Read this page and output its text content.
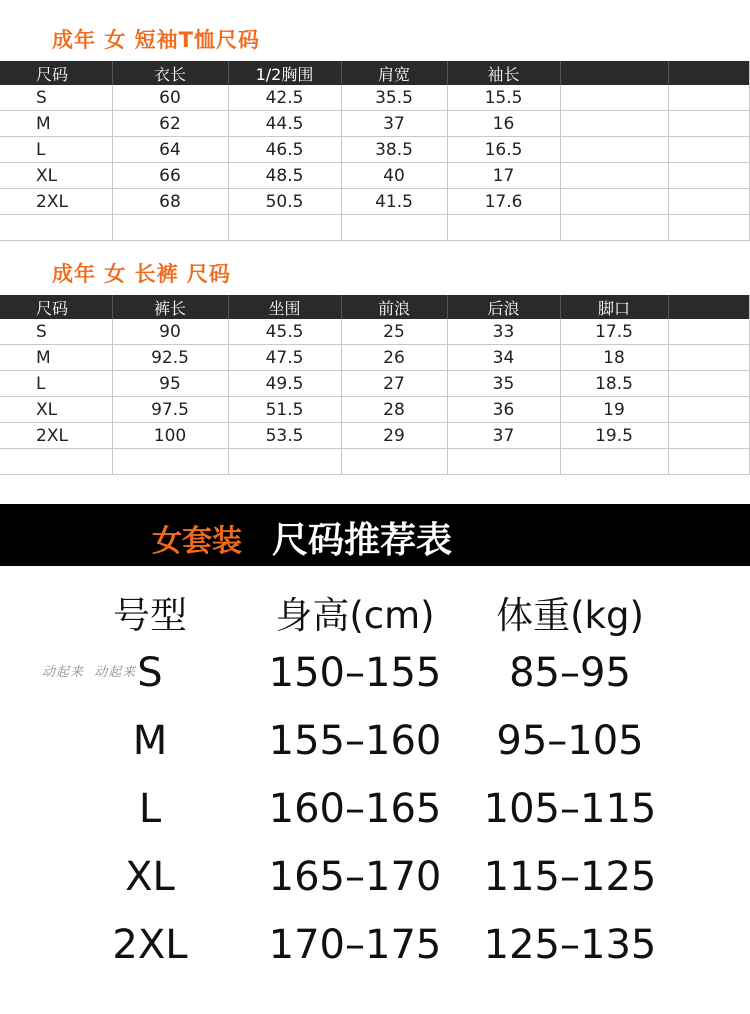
成年 女 短袖T恤尺码
尺码	衣长	1/2胸围	肩宽	袖长		
S	60	42.5	35.5	15.5		
M	62	44.5	37	16		
L	64	46.5	38.5	16.5		
XL	66	48.5	40	17		
2XL	68	50.5	41.5	17.6		

成年 女 长裤 尺码
尺码	裤长	坐围	前浪	后浪	脚口	
S	90	45.5	25	33	17.5	
M	92.5	47.5	26	34	18	
L	95	49.5	27	35	18.5	
XL	97.5	51.5	28	36	19	
2XL	100	53.5	29	37	19.5	

女套装 尺码推荐表
号型	身高(cm)	体重(kg)
S	150–155	85–95
M	155–160	95–105
L	160–165	105–115
XL	165–170	115–125
2XL	170–175	125–135
动起来  动起来
